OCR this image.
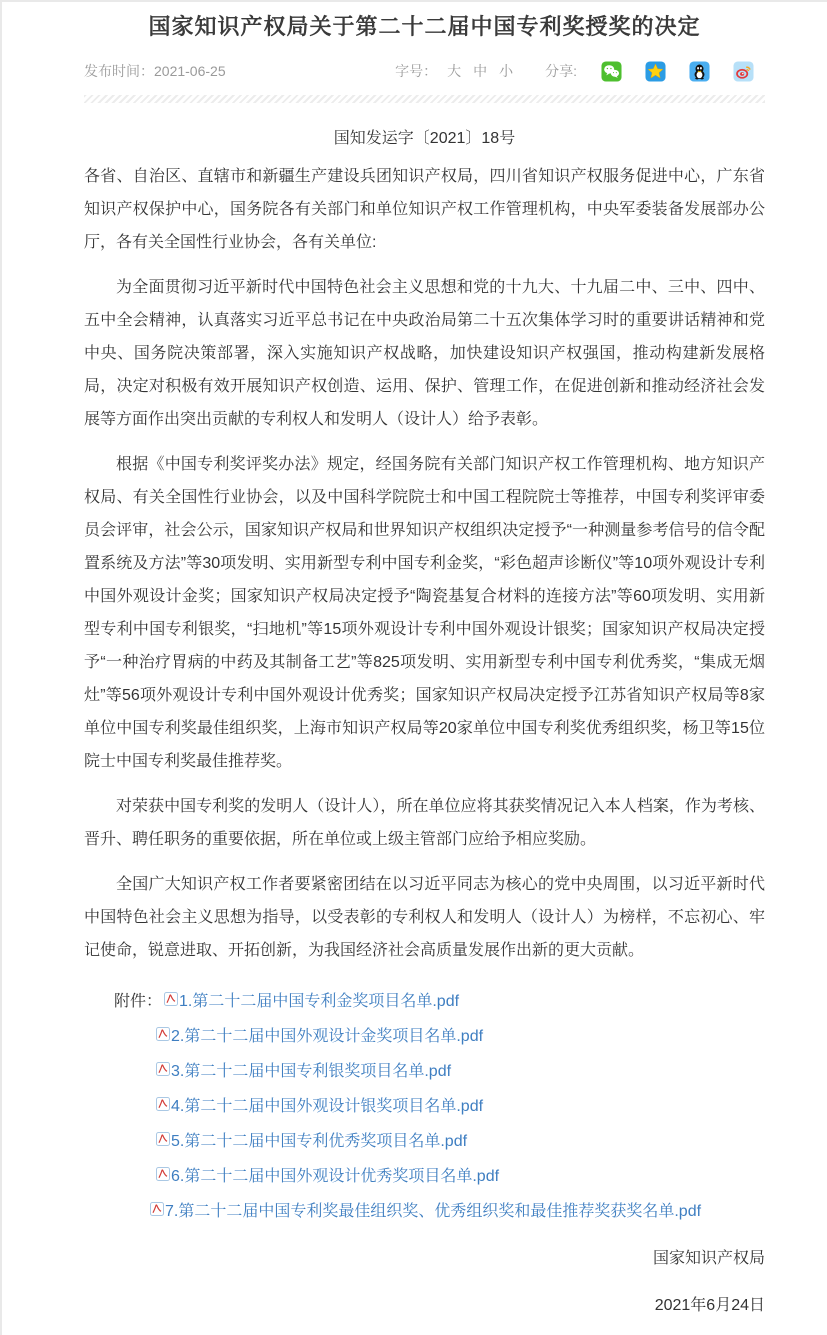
国家知识产权局关于第二十二届中国专利奖授奖的决定
发布时间：2021-06-25	字号： 大 中 小 分享:
国知发运字〔2021〕18号

各省、自治区、直辖市和新疆生产建设兵团知识产权局，四川省知识产权服务促进中心，广东省知识产权保护中心，国务院各有关部门和单位知识产权工作管理机构，中央军委装备发展部办公厅，各有关全国性行业协会，各有关单位:

为全面贯彻习近平新时代中国特色社会主义思想和党的十九大、十九届二中、三中、四中、五中全会精神，认真落实习近平总书记在中央政治局第二十五次集体学习时的重要讲话精神和党中央、国务院决策部署，深入实施知识产权战略，加快建设知识产权强国，推动构建新发展格局，决定对积极有效开展知识产权创造、运用、保护、管理工作，在促进创新和推动经济社会发展等方面作出突出贡献的专利权人和发明人（设计人）给予表彰。

根据《中国专利奖评奖办法》规定，经国务院有关部门知识产权工作管理机构、地方知识产权局、有关全国性行业协会，以及中国科学院院士和中国工程院院士等推荐，中国专利奖评审委员会评审，社会公示，国家知识产权局和世界知识产权组织决定授予“一种测量参考信号的信令配置系统及方法”等30项发明、实用新型专利中国专利金奖，“彩色超声诊断仪”等10项外观设计专利中国外观设计金奖；国家知识产权局决定授予“陶瓷基复合材料的连接方法”等60项发明、实用新型专利中国专利银奖，“扫地机”等15项外观设计专利中国外观设计银奖；国家知识产权局决定授予“一种治疗胃病的中药及其制备工艺”等825项发明、实用新型专利中国专利优秀奖，“集成无烟灶”等56项外观设计专利中国外观设计优秀奖；国家知识产权局决定授予江苏省知识产权局等8家单位中国专利奖最佳组织奖，上海市知识产权局等20家单位中国专利奖优秀组织奖，杨卫等15位院士中国专利奖最佳推荐奖。

对荣获中国专利奖的发明人（设计人），所在单位应将其获奖情况记入本人档案，作为考核、晋升、聘任职务的重要依据，所在单位或上级主管部门应给予相应奖励。

全国广大知识产权工作者要紧密团结在以习近平同志为核心的党中央周围，以习近平新时代中国特色社会主义思想为指导，以受表彰的专利权人和发明人（设计人）为榜样，不忘初心、牢记使命，锐意进取、开拓创新，为我国经济社会高质量发展作出新的更大贡献。

附件： 1.第二十二届中国专利金奖项目名单.pdf
2.第二十二届中国外观设计金奖项目名单.pdf
3.第二十二届中国专利银奖项目名单.pdf
4.第二十二届中国外观设计银奖项目名单.pdf
5.第二十二届中国专利优秀奖项目名单.pdf
6.第二十二届中国外观设计优秀奖项目名单.pdf
7.第二十二届中国专利奖最佳组织奖、优秀组织奖和最佳推荐奖获奖名单.pdf
国家知识产权局
2021年6月24日
